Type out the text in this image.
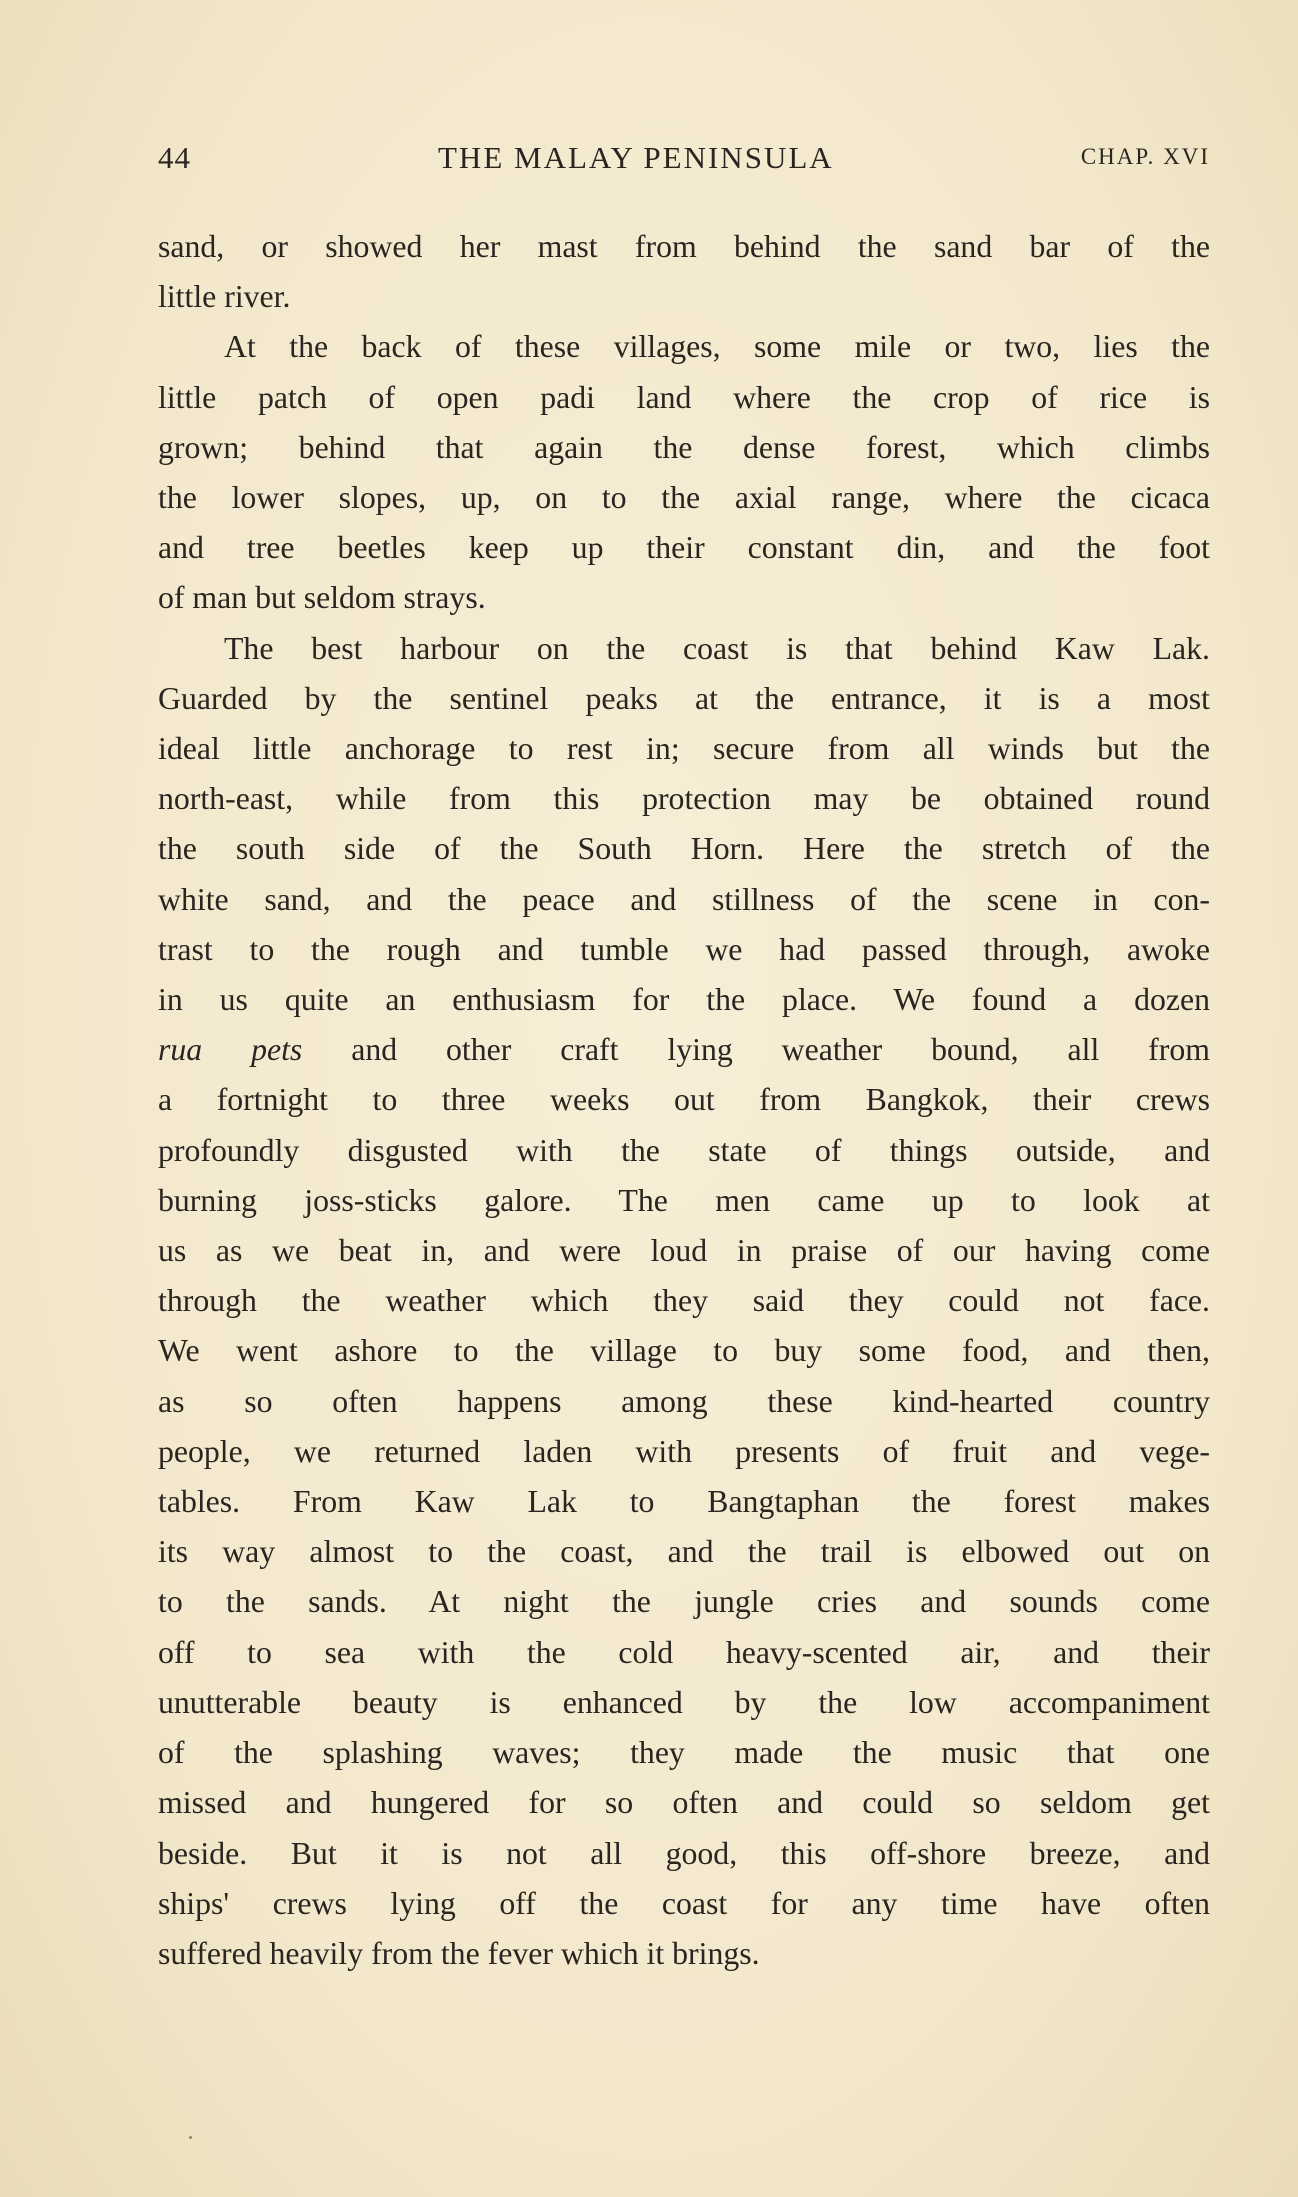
44	THE MALAY PENINSULA	CHAP. XVI

sand, or showed her mast from behind the sand bar of the

little river.

At the back of these villages, some mile or two, lies the

little patch of open padi land where the crop of rice is

grown; behind that again the dense forest, which climbs

the lower slopes, up, on to the axial range, where the cicaca

and tree beetles keep up their constant din, and the foot

of man but seldom strays.

The best harbour on the coast is that behind Kaw Lak.

Guarded by the sentinel peaks at the entrance, it is a most

ideal little anchorage to rest in; secure from all winds but the

north-east, while from this protection may be obtained round

the south side of the South Horn. Here the stretch of the

white sand, and the peace and stillness of the scene in con-

trast to the rough and tumble we had passed through, awoke

in us quite an enthusiasm for the place. We found a dozen

rua pets and other craft lying weather bound, all from

a fortnight to three weeks out from Bangkok, their crews

profoundly disgusted with the state of things outside, and

burning joss-sticks galore. The men came up to look at

us as we beat in, and were loud in praise of our having come

through the weather which they said they could not face.

We went ashore to the village to buy some food, and then,

as so often happens among these kind-hearted country

people, we returned laden with presents of fruit and vege-

tables. From Kaw Lak to Bangtaphan the forest makes

its way almost to the coast, and the trail is elbowed out on

to the sands. At night the jungle cries and sounds come

off to sea with the cold heavy-scented air, and their

unutterable beauty is enhanced by the low accompaniment

of the splashing waves; they made the music that one

missed and hungered for so often and could so seldom get

beside. But it is not all good, this off-shore breeze, and

ships' crews lying off the coast for any time have often

suffered heavily from the fever which it brings.
